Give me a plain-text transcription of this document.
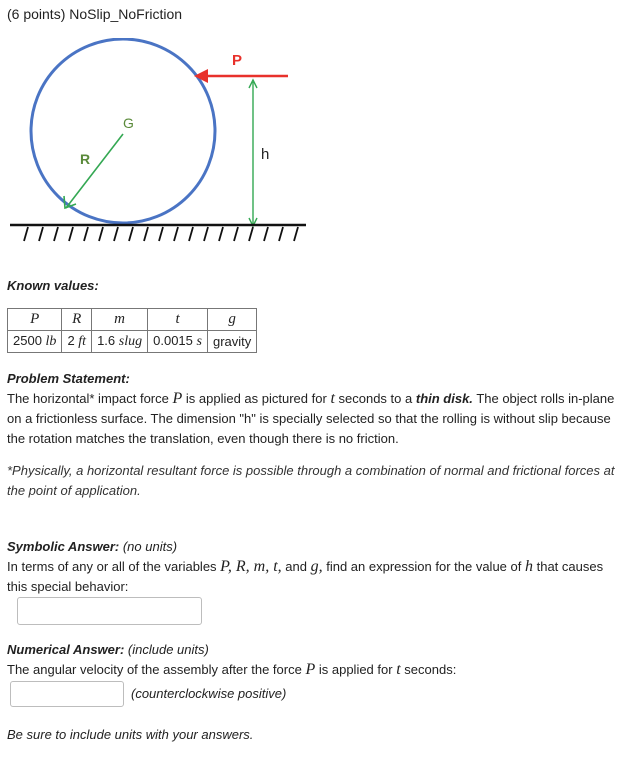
(6 points) NoSlip_NoFriction
G
R
P
h
Known values:
P	R	m	t	g
2500 lb	2 ft	1.6 slug	0.0015 s	gravity
Problem Statement:
The horizontal* impact force P is applied as pictured for t seconds to a thin disk. The object rolls in-plane on a frictionless surface. The dimension "h" is specially selected so that the rolling is without slip because the rotation matches the translation, even though there is no friction.
*Physically, a horizontal resultant force is possible through a combination of normal and frictional forces at the point of application.
Symbolic Answer: (no units)
In terms of any or all of the variables P, R, m, t, and g, find an expression for the value of h that causes this special behavior:
Numerical Answer: (include units)
The angular velocity of the assembly after the force P is applied for t seconds:
(counterclockwise positive)
Be sure to include units with your answers.
